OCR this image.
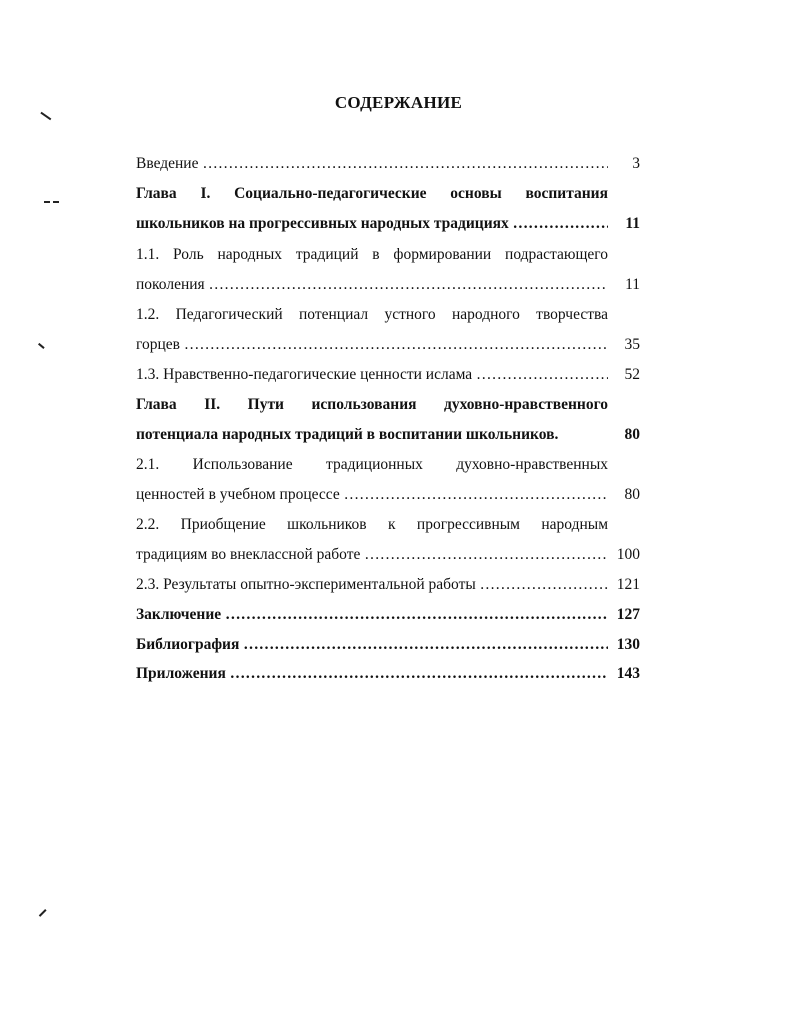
СОДЕРЖАНИЕ
Введение ………………………………………………………………………………………………………………………………	3
Глава I. Социально-педагогические основы воспитания
школьников на прогрессивных народных традициях ………………………………………………………………………………………………………………………………	11
1.1. Роль народных традиций в формировании подрастающего
поколения ………………………………………………………………………………………………………………………………	11
1.2. Педагогический потенциал устного народного творчества
горцев ………………………………………………………………………………………………………………………………	35
1.3. Нравственно-педагогические ценности ислама ………………………………………………………………………………………………………………………………	52
Глава II. Пути использования духовно-нравственного
потенциала народных традиций в воспитании школьников.	80
2.1. Использование традиционных духовно-нравственных
ценностей в учебном процессе ………………………………………………………………………………………………………………………………	80
2.2. Приобщение школьников к прогрессивным народным
традициям во внеклассной работе ………………………………………………………………………………………………………………………………	100
2.3. Результаты опытно-экспериментальной работы ………………………………………………………………………………………………………………………………	121
Заключение ………………………………………………………………………………………………………………………………	127
Библиография ………………………………………………………………………………………………………………………………	130
Приложения ………………………………………………………………………………………………………………………………	143
